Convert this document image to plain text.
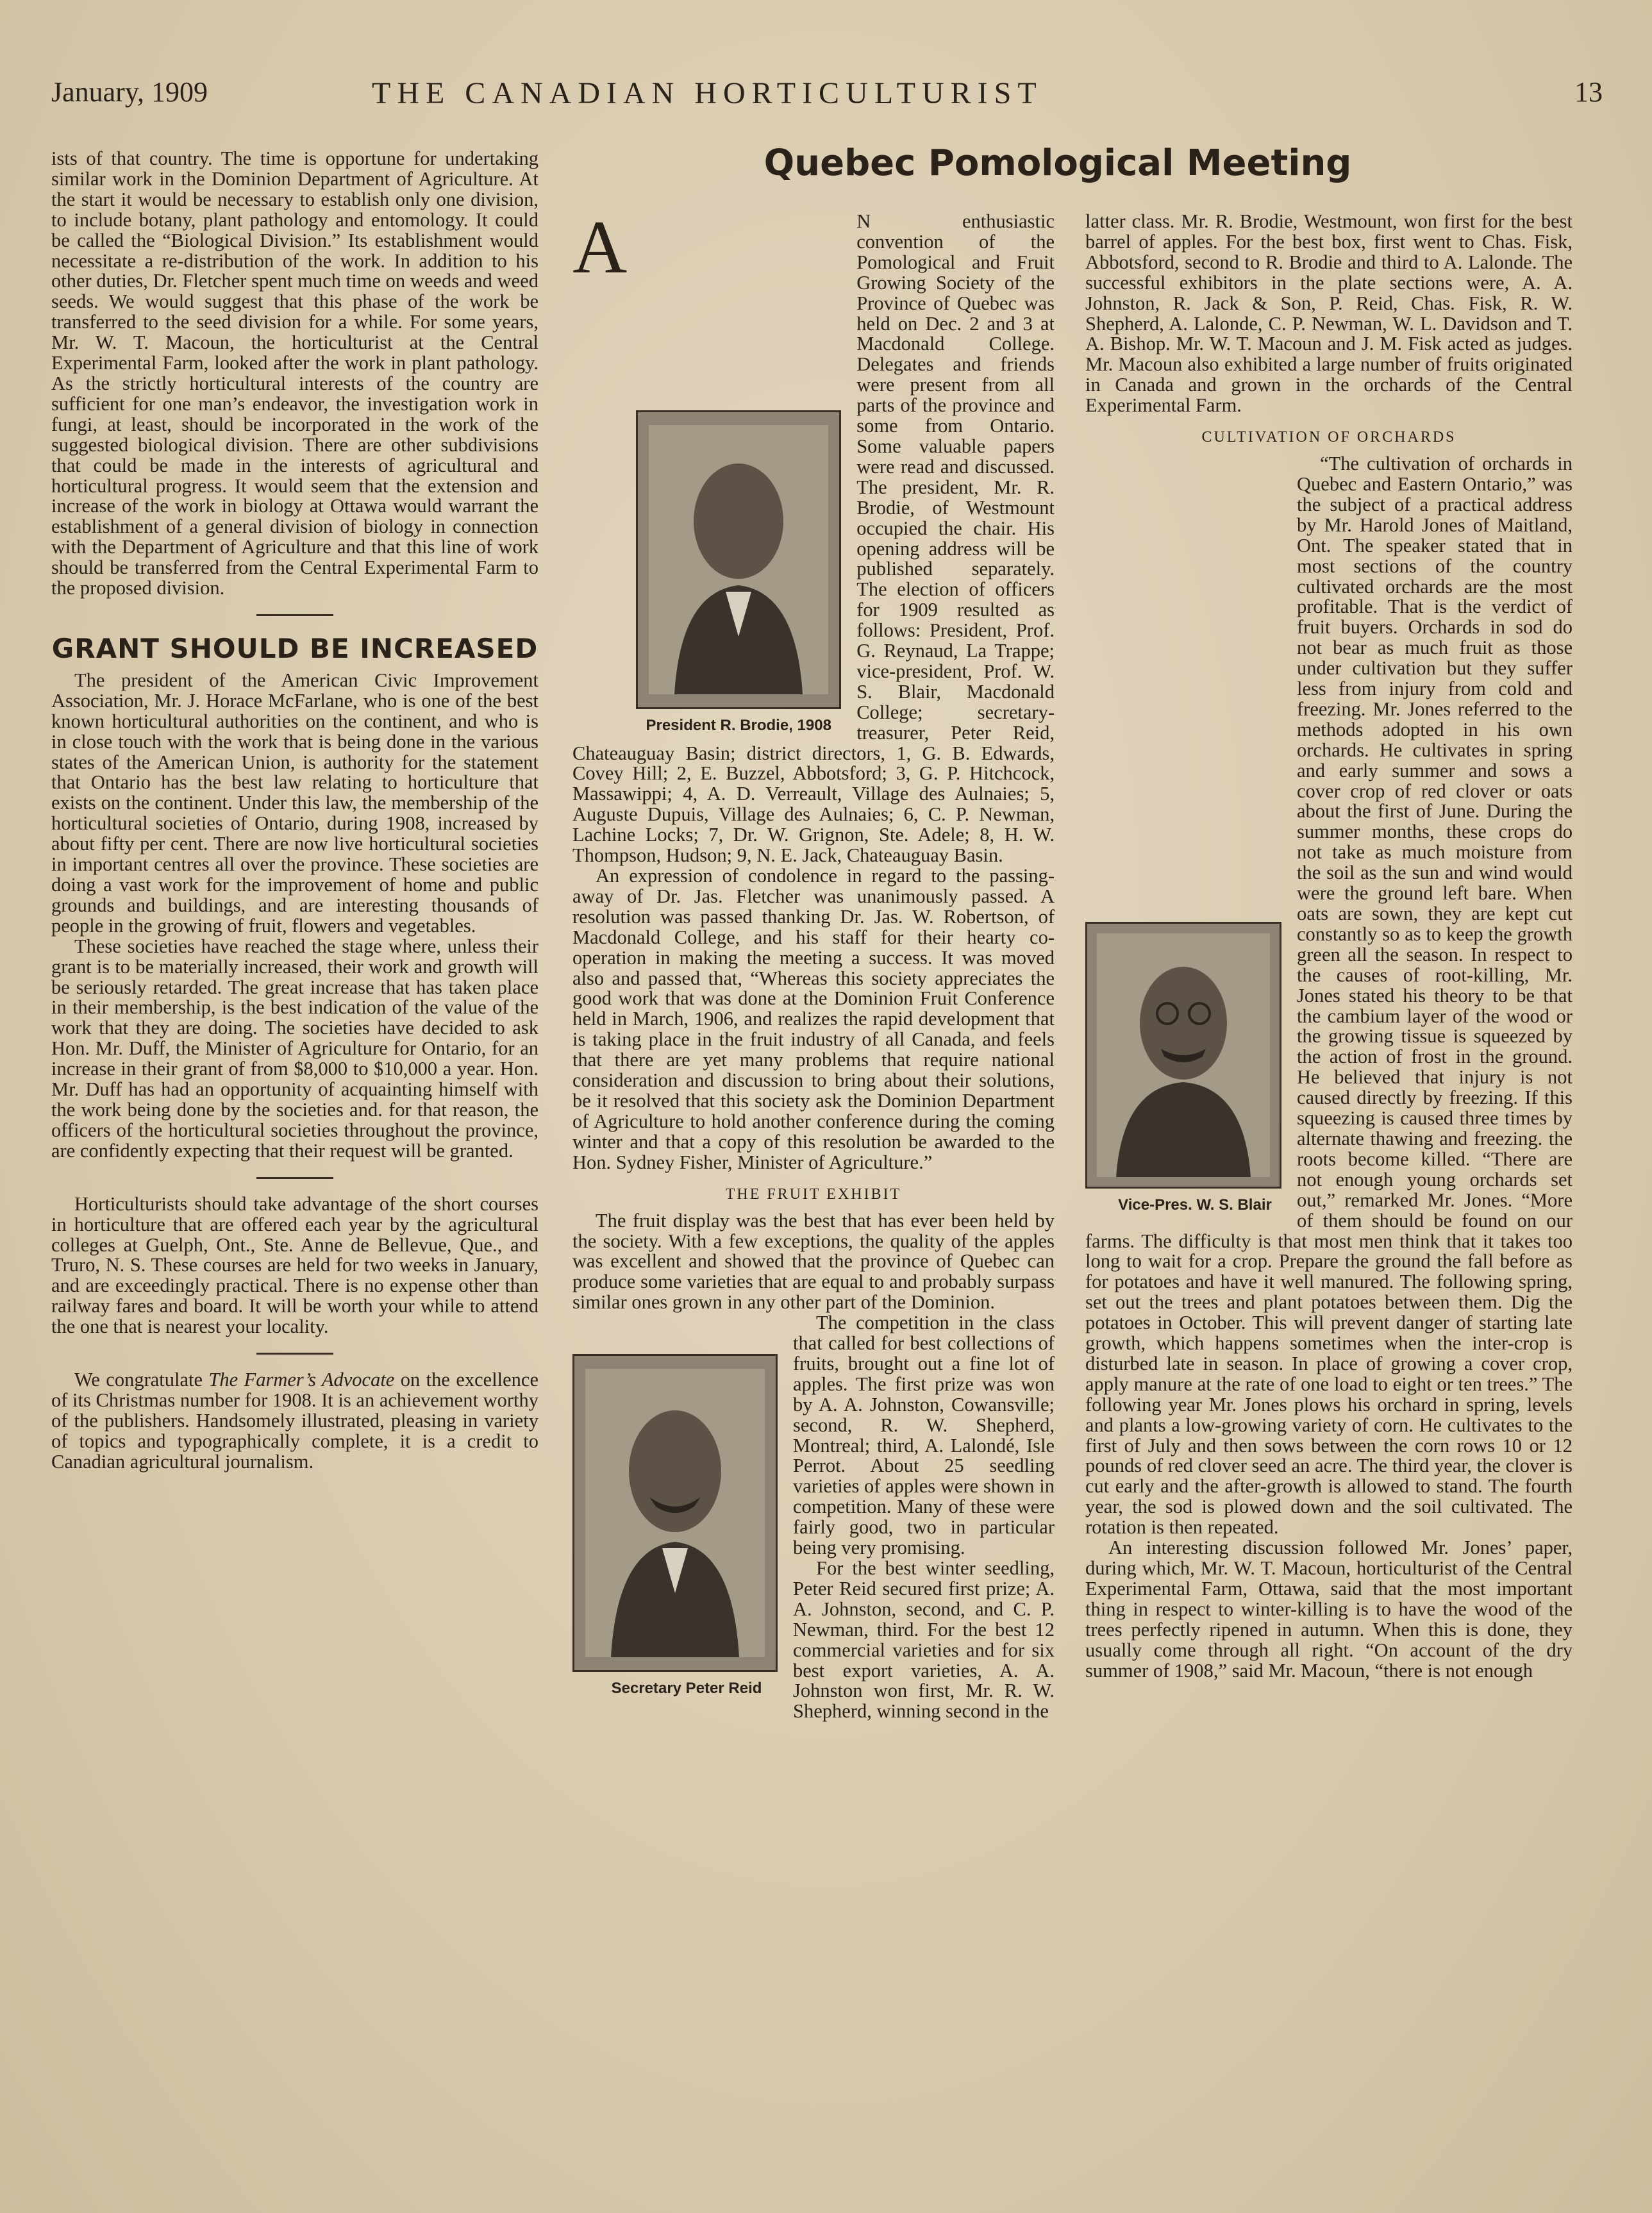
January, 1909	THE CANADIAN HORTICULTURIST	13

ists of that country. The time is opportune for undertaking similar work in the Dominion Department of Agriculture. At the start it would be necessary to establish only one division, to include botany, plant pathology and entomology. It could be called the “Biological Division.” Its establishment would necessitate a re-distribution of the work. In addition to his other duties, Dr. Fletcher spent much time on weeds and weed seeds. We would suggest that this phase of the work be transferred to the seed division for a while. For some years, Mr. W. T. Macoun, the horticulturist at the Central Experimental Farm, looked after the work in plant pathology. As the strictly horticultural interests of the country are sufficient for one man’s endeavor, the investigation work in fungi, at least, should be incorporated in the work of the suggested biological division. There are other subdivisions that could be made in the interests of agricultural and horticultural progress. It would seem that the extension and increase of the work in biology at Ottawa would warrant the establishment of a general division of biology in connection with the Department of Agriculture and that this line of work should be transferred from the Central Experimental Farm to the proposed division.

GRANT SHOULD BE INCREASED

The president of the American Civic Improvement Association, Mr. J. Horace McFarlane, who is one of the best known horticultural authorities on the continent, and who is in close touch with the work that is being done in the various states of the American Union, is authority for the statement that Ontario has the best law relating to horticulture that exists on the continent. Under this law, the membership of the horticultural societies of Ontario, during 1908, increased by about fifty per cent. There are now live horticultural societies in important centres all over the province. These societies are doing a vast work for the improvement of home and public grounds and buildings, and are interesting thousands of people in the growing of fruit, flowers and vegetables.

These societies have reached the stage where, unless their grant is to be materially increased, their work and growth will be seriously retarded. The great increase that has taken place in their membership, is the best indication of the value of the work that they are doing. The societies have decided to ask Hon. Mr. Duff, the Minister of Agriculture for Ontario, for an increase in their grant of from $8,000 to $10,000 a year. Hon. Mr. Duff has had an opportunity of acquainting himself with the work being done by the societies and. for that reason, the officers of the horticultural societies throughout the province, are confidently expecting that their request will be granted.

Horticulturists should take advantage of the short courses in horticulture that are offered each year by the agricultural colleges at Guelph, Ont., Ste. Anne de Bellevue, Que., and Truro, N. S. These courses are held for two weeks in January, and are exceedingly practical. There is no expense other than railway fares and board. It will be worth your while to attend the one that is nearest your locality.

We congratulate The Farmer’s Advocate on the excellence of its Christmas number for 1908. It is an achievement worthy of the publishers. Handsomely illustrated, pleasing in variety of topics and typographically complete, it is a credit to Canadian agricultural journalism.

Quebec Pomological Meeting

A
President R. Brodie, 1908
N enthusiastic convention of the Pomological and Fruit Growing Society of the Province of Quebec was held on Dec. 2 and 3 at Macdonald College. Delegates and friends were present from all parts of the province and some from Ontario. Some valuable papers were read and discussed. The president, Mr. R. Brodie, of Westmount occupied the chair. His opening address will be published separately. The election of officers for 1909 resulted as follows: President, Prof. G. Reynaud, La Trappe; vice-president, Prof. W. S. Blair, Macdonald College; secretary-treasurer, Peter Reid, Chateauguay Basin; district directors, 1, G. B. Edwards, Covey Hill; 2, E. Buzzel, Abbotsford; 3, G. P. Hitchcock, Massawippi; 4, A. D. Verreault, Village des Aulnaies; 5, Auguste Dupuis, Village des Aulnaies; 6, C. P. Newman, Lachine Locks; 7, Dr. W. Grignon, Ste. Adele; 8, H. W. Thompson, Hudson; 9, N. E. Jack, Chateauguay Basin.

An expression of condolence in regard to the passing-away of Dr. Jas. Fletcher was unanimously passed. A resolution was passed thanking Dr. Jas. W. Robertson, of Macdonald College, and his staff for their hearty co-operation in making the meeting a success. It was moved also and passed that, “Whereas this society appreciates the good work that was done at the Dominion Fruit Conference held in March, 1906, and realizes the rapid development that is taking place in the fruit industry of all Canada, and feels that there are yet many problems that require national consideration and discussion to bring about their solutions, be it resolved that this society ask the Dominion Department of Agriculture to hold another conference during the coming winter and that a copy of this resolution be awarded to the Hon. Sydney Fisher, Minister of Agriculture.”

THE FRUIT EXHIBIT

The fruit display was the best that has ever been held by the society. With a few exceptions, the quality of the apples was excellent and showed that the province of Quebec can produce some varieties that are equal to and probably surpass similar ones grown in any other part of the Dominion.

Secretary Peter Reid
The competition in the class that called for best collections of fruits, brought out a fine lot of apples. The first prize was won by A. A. Johnston, Cowansville; second, R. W. Shepherd, Montreal; third, A. Lalondé, Isle Perrot. About 25 seedling varieties of apples were shown in competition. Many of these were fairly good, two in particular being very promising.

For the best winter seedling, Peter Reid secured first prize; A. A. Johnston, second, and C. P. Newman, third. For the best 12 commercial varieties and for six best export varieties, A. A. Johnston won first, Mr. R. W. Shepherd, winning second in the

latter class. Mr. R. Brodie, Westmount, won first for the best barrel of apples. For the best box, first went to Chas. Fisk, Abbotsford, second to R. Brodie and third to A. Lalonde. The successful exhibitors in the plate sections were, A. A. Johnston, R. Jack & Son, P. Reid, Chas. Fisk, R. W. Shepherd, A. Lalonde, C. P. Newman, W. L. Davidson and T. A. Bishop. Mr. W. T. Macoun and J. M. Fisk acted as judges. Mr. Macoun also exhibited a large number of fruits originated in Canada and grown in the orchards of the Central Experimental Farm.

CULTIVATION OF ORCHARDS

Vice-Pres. W. S. Blair
“The cultivation of orchards in Quebec and Eastern Ontario,” was the subject of a practical address by Mr. Harold Jones of Maitland, Ont. The speaker stated that in most sections of the country cultivated orchards are the most profitable. That is the verdict of fruit buyers. Orchards in sod do not bear as much fruit as those under cultivation but they suffer less from injury from cold and freezing. Mr. Jones referred to the methods adopted in his own orchards. He cultivates in spring and early summer and sows a cover crop of red clover or oats about the first of June. During the summer months, these crops do not take as much moisture from the soil as the sun and wind would were the ground left bare. When oats are sown, they are kept cut constantly so as to keep the growth green all the season. In respect to the causes of root-killing, Mr. Jones stated his theory to be that the cambium layer of the wood or the growing tissue is squeezed by the action of frost in the ground. He believed that injury is not caused directly by freezing. If this squeezing is caused three times by alternate thawing and freezing. the roots become killed. “There are not enough young orchards set out,” remarked Mr. Jones. “More of them should be found on our farms. The difficulty is that most men think that it takes too long to wait for a crop. Prepare the ground the fall before as for potatoes and have it well manured. The following spring, set out the trees and plant potatoes between them. Dig the potatoes in October. This will prevent danger of starting late growth, which happens sometimes when the inter-crop is disturbed late in season. In place of growing a cover crop, apply manure at the rate of one load to eight or ten trees.” The following year Mr. Jones plows his orchard in spring, levels and plants a low-growing variety of corn. He cultivates to the first of July and then sows between the corn rows 10 or 12 pounds of red clover seed an acre. The third year, the clover is cut early and the after-growth is allowed to stand. The fourth year, the sod is plowed down and the soil cultivated. The rotation is then repeated.

An interesting discussion followed Mr. Jones’ paper, during which, Mr. W. T. Macoun, horticulturist of the Central Experimental Farm, Ottawa, said that the most important thing in respect to winter-killing is to have the wood of the trees perfectly ripened in autumn. When this is done, they usually come through all right. “On account of the dry summer of 1908,” said Mr. Macoun, “there is not enough
